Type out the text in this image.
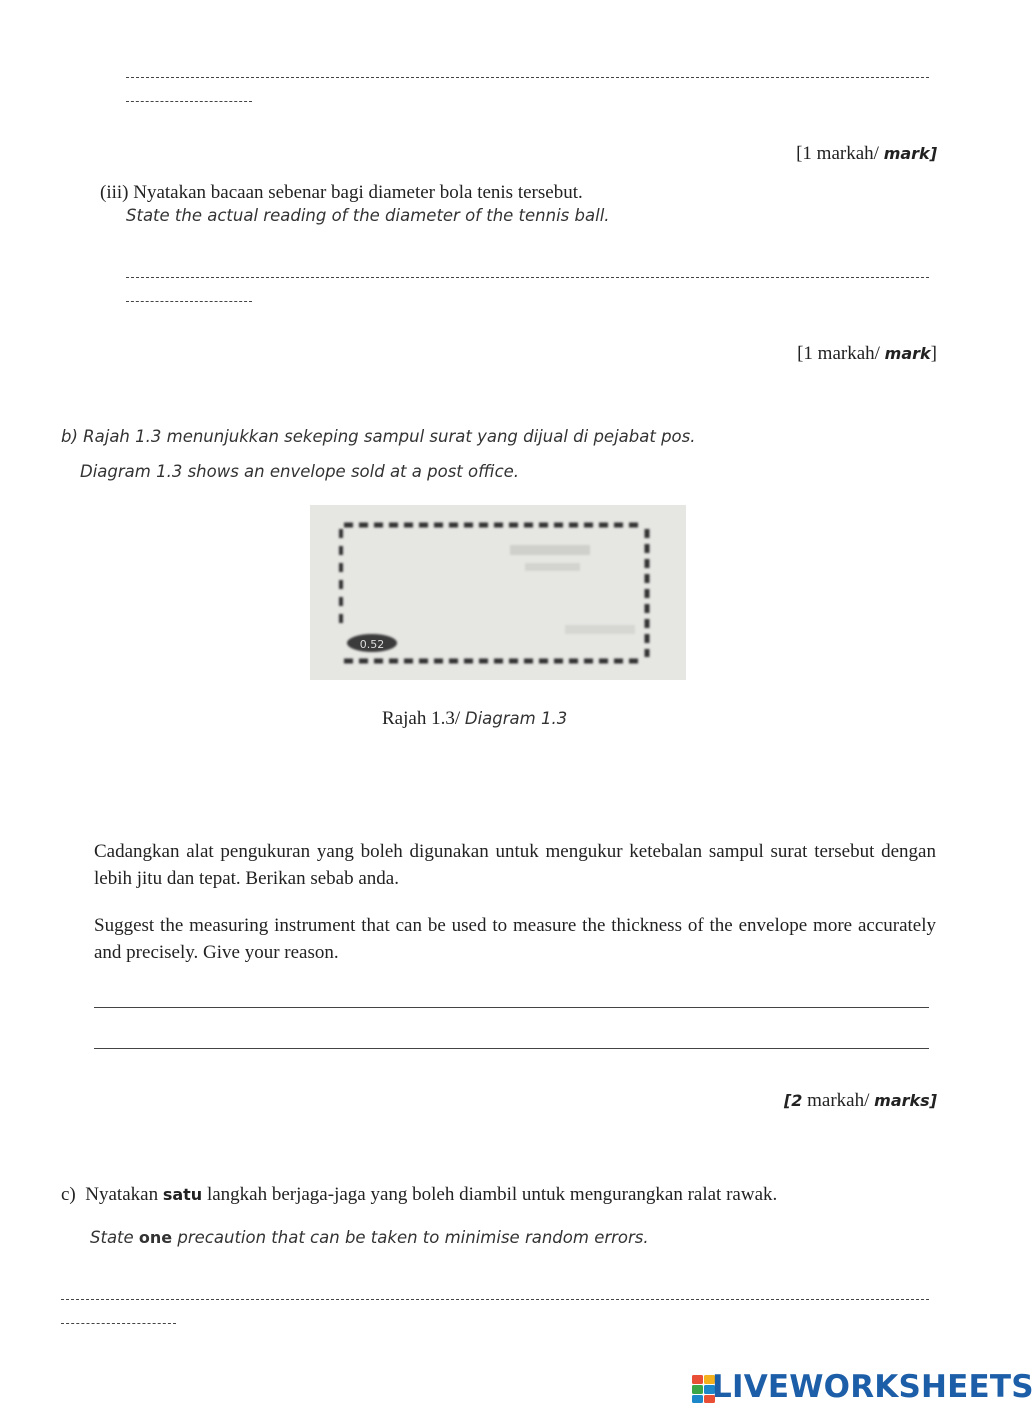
[1 markah/ mark]
(iii) Nyatakan bacaan sebenar bagi diameter bola tenis tersebut.
State the actual reading of the diameter of the tennis ball.
[1 markah/ mark]
b) Rajah 1.3 menunjukkan sekeping sampul surat yang dijual di pejabat pos.
Diagram 1.3 shows an envelope sold at a post office.
0.52
Rajah 1.3/ Diagram 1.3
Cadangkan alat pengukuran yang boleh digunakan untuk mengukur ketebalan sampul surat tersebut dengan lebih jitu dan tepat. Berikan sebab anda.
Suggest the measuring instrument that can be used to measure the thickness of the envelope more accurately and precisely. Give your reason.
[2 markah/ marks]
c) Nyatakan satu langkah berjaga-jaga yang boleh diambil untuk mengurangkan ralat rawak.
State one precaution that can be taken to minimise random errors.
LIVEWORKSHEETS
